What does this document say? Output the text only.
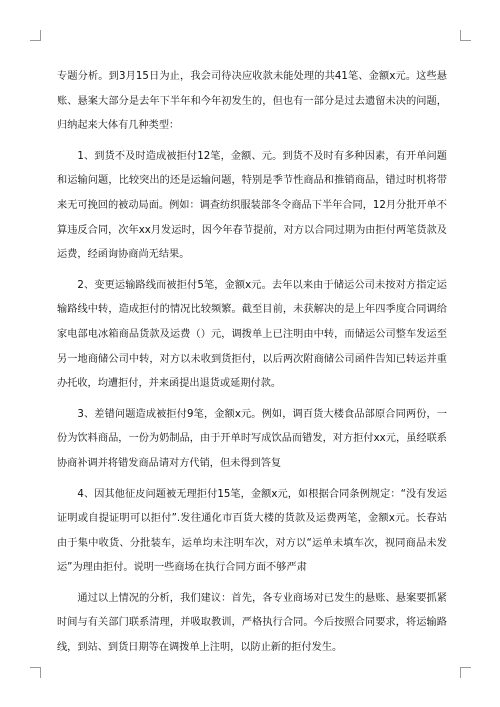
专题分析。到3月15日为止，我会司待决应收款未能处理的共41笔、金额x元。这些悬账、悬案大部分是去年下半年和今年初发生的，但也有一部分是过去遗留未决的问题，归纳起来大体有几种类型：

1、到货不及时造成被拒付12笔，金额、元。到货不及时有多种因素，有开单问题和运输问题，比较突出的还是运输问题，特别是季节性商品和推销商品，错过时机将带来无可挽回的被动局面。例如：调查纺织服装部冬令商品下半年合同，12月分批开单不算违反合同，次年xx月发运时，因今年春节提前，对方以合同过期为由拒付两笔货款及运费，经函询协商尚无结果。

2、变更运输路线而被拒付5笔，金额x元。去年以来由于储运公司未按对方指定运输路线中转，造成拒付的情况比较频繁。截至目前，未获解决的是上年四季度合同调给家电部电冰箱商品货款及运费（）元，调拨单上已注明由中转，而储运公司整车发运至另一地商储公司中转，对方以未收到货拒付，以后两次附商储公司函件告知已转运并重办托收，均遭拒付，并来函提出退货或延期付款。

3、差错问题造成被拒付9笔，金额x元。例如，调百货大楼食品部原合同两份，一份为饮料商品，一份为奶制品，由于开单时写成饮品而错发，对方拒付xx元，虽经联系协商补调并将错发商品请对方代销，但未得到答复

4、因其他征皮问题被无理拒付15笔，金额x元，如根据合同条例规定：“没有发运证明或自提证明可以拒付”.发往通化市百货大楼的货款及运费两笔，金额x元。长春站由于集中收货、分批装车，运单均未注明车次，对方以“运单未填车次，视同商品未发运”为理由拒付。说明一些商场在执行合同方面不够严肃

通过以上情况的分析，我们建议：首先，各专业商场对已发生的悬账、悬案要抓紧时间与有关部门联系清理，并吸取教训，严格执行合同。今后按照合同要求，将运输路线，到站、到货日期等在调拨单上注明，以防止新的拒付发生。
